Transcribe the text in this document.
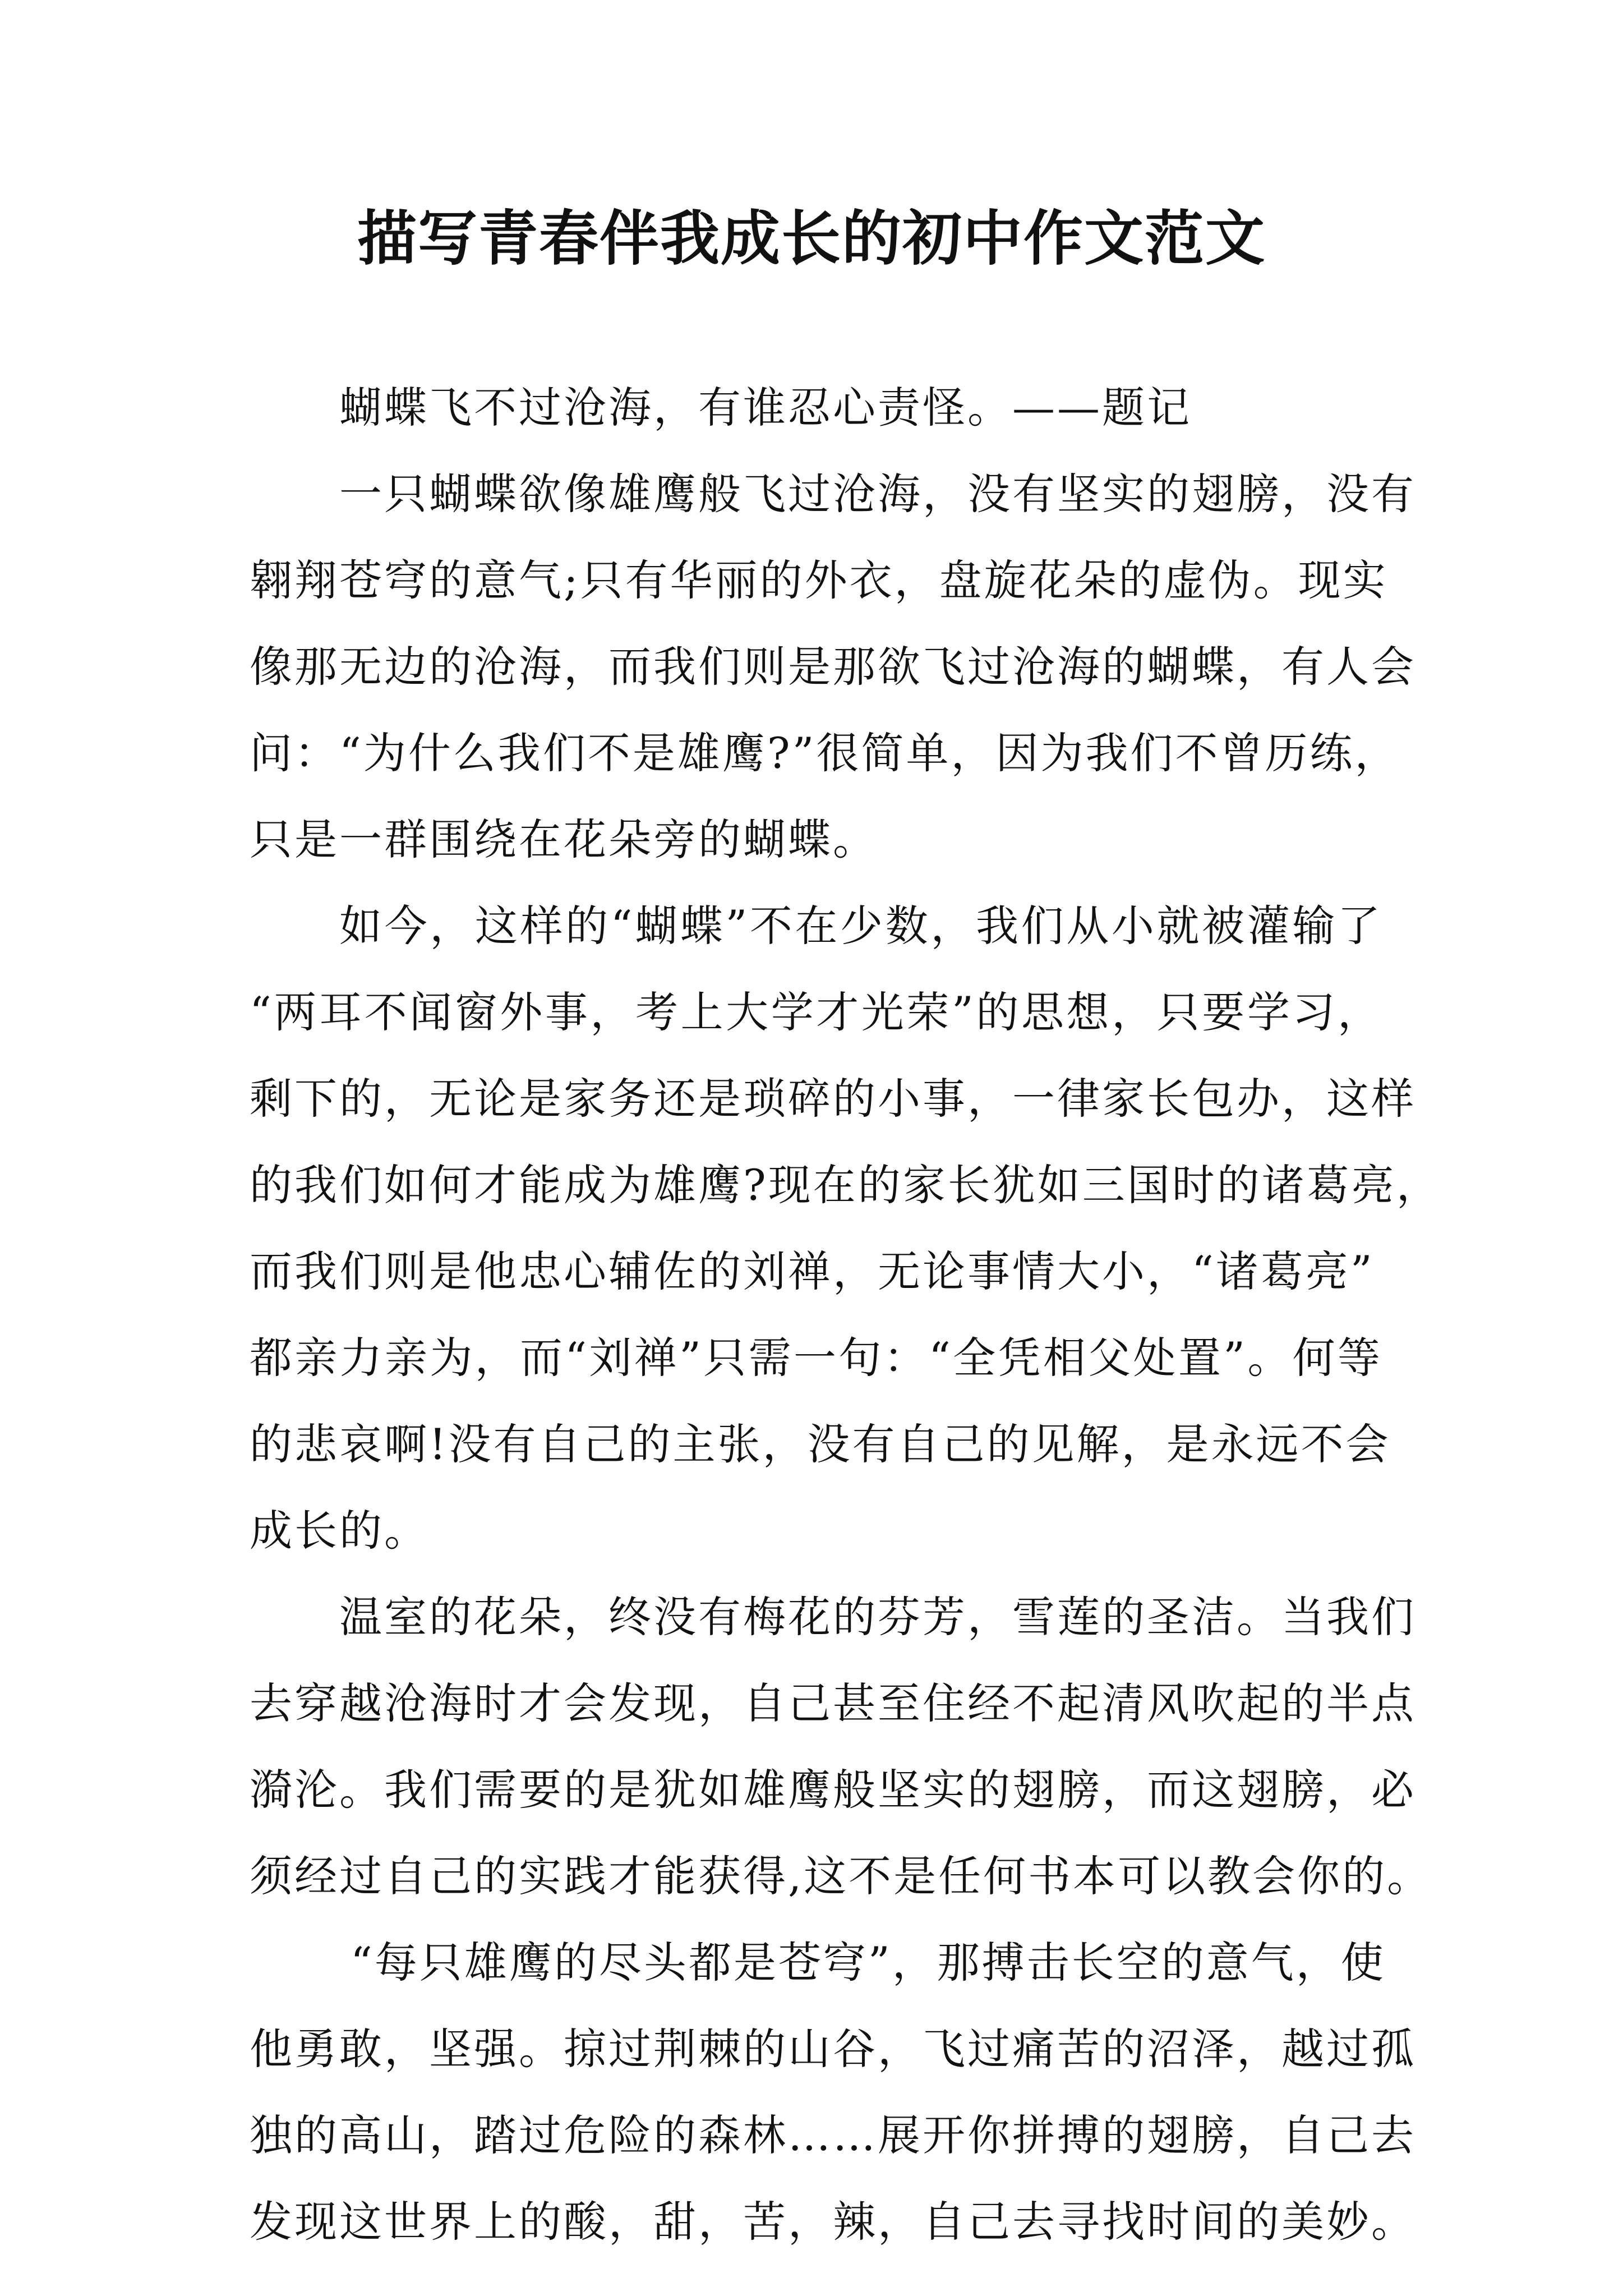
描写青春伴我成长的初中作文范文
蝴蝶飞不过沧海，有谁忍心责怪。——题记
一只蝴蝶欲像雄鹰般飞过沧海，没有坚实的翅膀，没有
翱翔苍穹的意气;只有华丽的外衣，盘旋花朵的虚伪。现实
像那无边的沧海，而我们则是那欲飞过沧海的蝴蝶，有人会
问：“为什么我们不是雄鹰?”很简单，因为我们不曾历练，
只是一群围绕在花朵旁的蝴蝶。
如今，这样的“蝴蝶”不在少数，我们从小就被灌输了
“两耳不闻窗外事，考上大学才光荣”的思想，只要学习，
剩下的，无论是家务还是琐碎的小事，一律家长包办，这样
的我们如何才能成为雄鹰?现在的家长犹如三国时的诸葛亮，
而我们则是他忠心辅佐的刘禅，无论事情大小，“诸葛亮”
都亲力亲为，而“刘禅”只需一句：“全凭相父处置”。何等
的悲哀啊!没有自己的主张，没有自己的见解，是永远不会
成长的。
温室的花朵，终没有梅花的芬芳，雪莲的圣洁。当我们
去穿越沧海时才会发现，自己甚至住经不起清风吹起的半点
漪沦。我们需要的是犹如雄鹰般坚实的翅膀，而这翅膀，必
须经过自己的实践才能获得,这不是任何书本可以教会你的。
“每只雄鹰的尽头都是苍穹”，那搏击长空的意气，使
他勇敢，坚强。掠过荆棘的山谷，飞过痛苦的沼泽，越过孤
独的高山，踏过危险的森林……展开你拼搏的翅膀，自己去
发现这世界上的酸，甜，苦，辣，自己去寻找时间的美妙。
